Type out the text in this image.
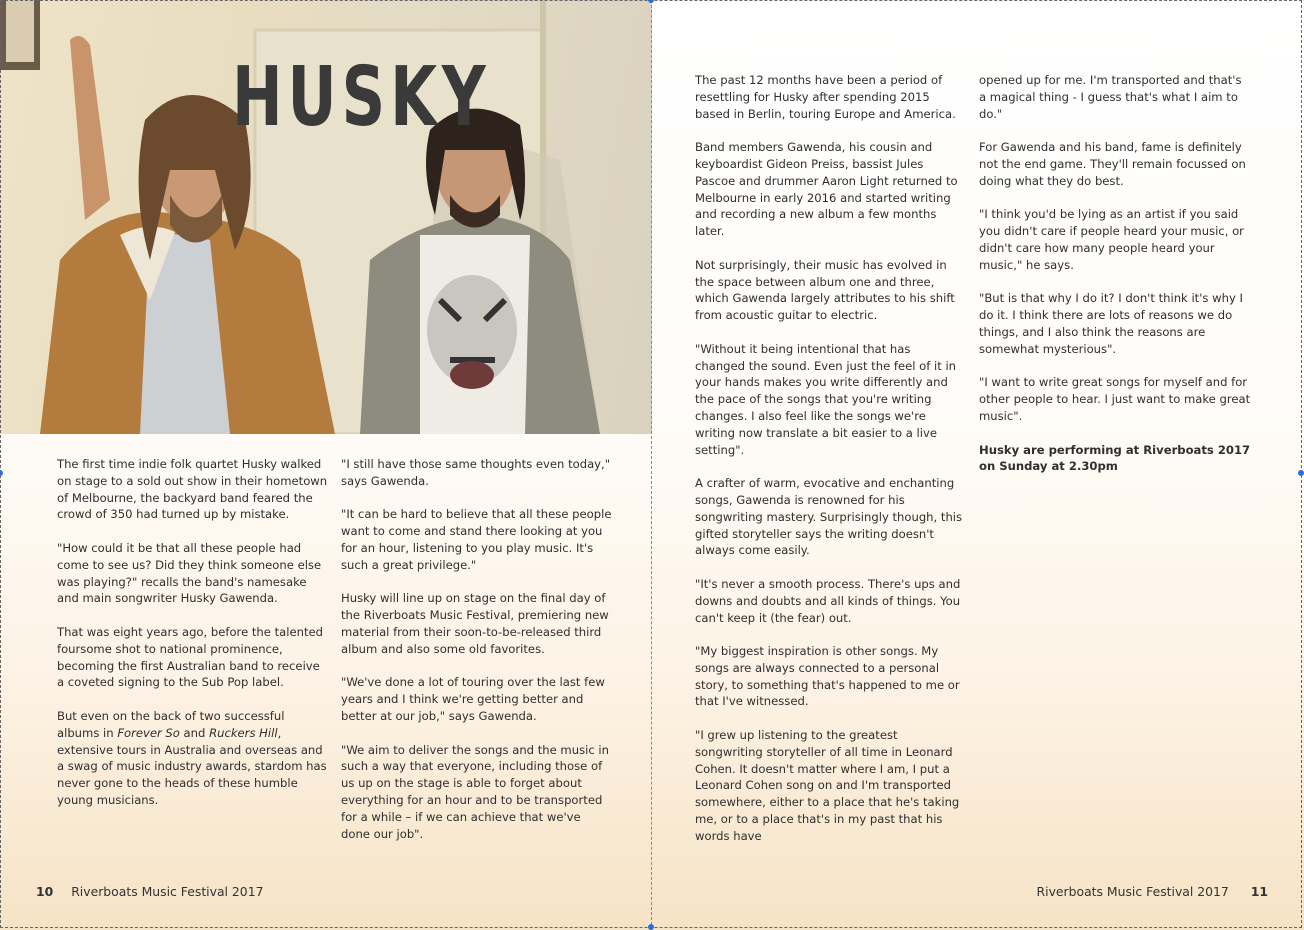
HUSKY

The first time indie folk quartet Husky walked on stage to a sold out show in their hometown of Melbourne, the backyard band feared the crowd of 350 had turned up by mistake.

"How could it be that all these people had come to see us? Did they think someone else was playing?" recalls the band's namesake and main songwriter Husky Gawenda.

That was eight years ago, before the talented foursome shot to national prominence, becoming the first Australian band to receive a coveted signing to the Sub Pop label.

But even on the back of two successful albums in Forever So and Ruckers Hill, extensive tours in Australia and overseas and a swag of music industry awards, stardom has never gone to the heads of these humble young musicians.

"I still have those same thoughts even today," says Gawenda.

"It can be hard to believe that all these people want to come and stand there looking at you for an hour, listening to you play music. It's such a great privilege."

Husky will line up on stage on the final day of the Riverboats Music Festival, premiering new material from their soon-to-be-released third album and also some old favorites.

"We've done a lot of touring over the last few years and I think we're getting better and better at our job," says Gawenda.

"We aim to deliver the songs and the music in such a way that everyone, including those of us up on the stage is able to forget about everything for an hour and to be transported for a while – if we can achieve that we've done our job".

The past 12 months have been a period of resettling for Husky after spending 2015 based in Berlin, touring Europe and America.

Band members Gawenda, his cousin and keyboardist Gideon Preiss, bassist Jules Pascoe and drummer Aaron Light returned to Melbourne in early 2016 and started writing and recording a new album a few months later.

Not surprisingly, their music has evolved in the space between album one and three, which Gawenda largely attributes to his shift from acoustic guitar to electric.

"Without it being intentional that has changed the sound. Even just the feel of it in your hands makes you write differently and the pace of the songs that you're writing changes. I also feel like the songs we're writing now translate a bit easier to a live setting".

A crafter of warm, evocative and enchanting songs, Gawenda is renowned for his songwriting mastery. Surprisingly though, this gifted storyteller says the writing doesn't always come easily.

"It's never a smooth process. There's ups and downs and doubts and all kinds of things. You can't keep it (the fear) out.

"My biggest inspiration is other songs. My songs are always connected to a personal story, to something that's happened to me or that I've witnessed.

"I grew up listening to the greatest songwriting storyteller of all time in Leonard Cohen. It doesn't matter where I am, I put a Leonard Cohen song on and I'm transported somewhere, either to a place that he's taking me, or to a place that's in my past that his words have

opened up for me. I'm transported and that's a magical thing - I guess that's what I aim to do."

For Gawenda and his band, fame is definitely not the end game. They'll remain focussed on doing what they do best.

"I think you'd be lying as an artist if you said you didn't care if people heard your music, or didn't care how many people heard your music," he says.

"But is that why I do it? I don't think it's why I do it. I think there are lots of reasons we do things, and I also think the reasons are somewhat mysterious".

"I want to write great songs for myself and for other people to hear. I just want to make great music".

Husky are performing at Riverboats 2017 on Sunday at 2.30pm

10 Riverboats Music Festival 2017	Riverboats Music Festival 2017 11
